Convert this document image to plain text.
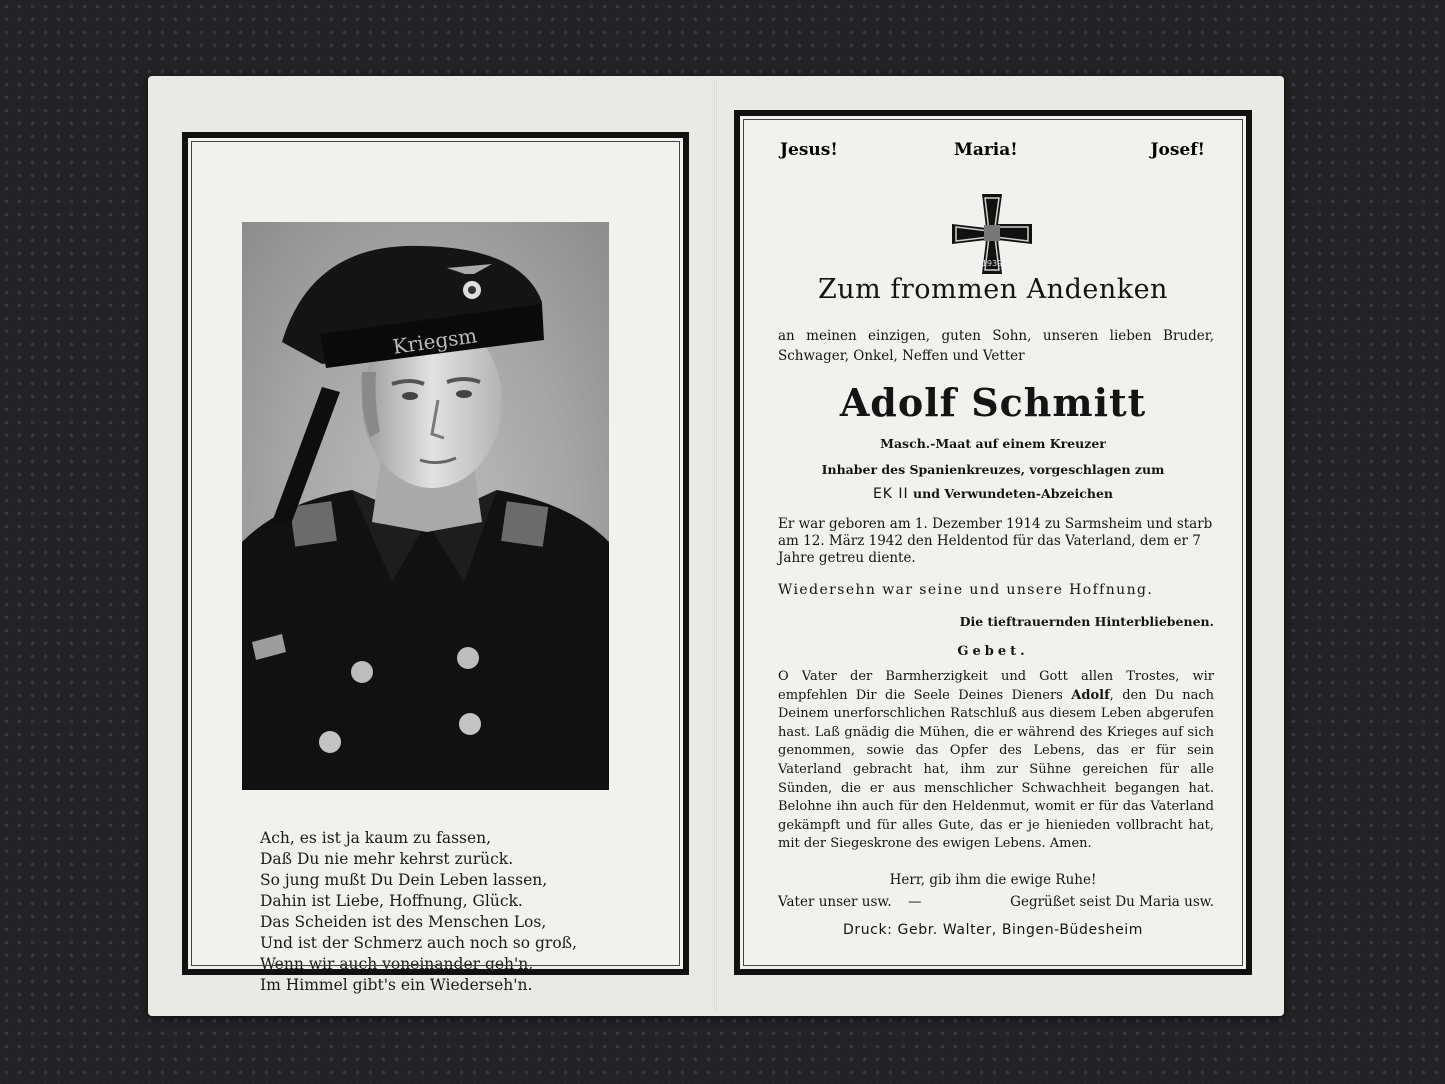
Kriegsm
Ach, es ist ja kaum zu fassen,
Daß Du nie mehr kehrst zurück.
So jung mußt Du Dein Leben lassen,
Dahin ist Liebe, Hoffnung, Glück.
Das Scheiden ist des Menschen Los,
Und ist der Schmerz auch noch so groß,
Wenn wir auch voneinander geh'n,
Im Himmel gibt's ein Wiederseh'n.
Jesus!	Maria!	Josef!
1939
Zum frommen Andenken
an meinen einzigen, guten Sohn, unseren lieben Bruder, Schwager, Onkel, Neffen und Vetter
Adolf Schmitt
Masch.-Maat auf einem Kreuzer
Inhaber des Spanienkreuzes, vorgeschlagen zum
EK II und Verwundeten-Abzeichen
Er war geboren am 1. Dezember 1914 zu Sarmsheim und starb am 12. März 1942 den Heldentod für das Vaterland, dem er 7 Jahre getreu diente.
Wiedersehn war seine und unsere Hoffnung.
Die tieftrauernden Hinterbliebenen.
Gebet.
O Vater der Barmherzigkeit und Gott allen Trostes, wir empfehlen Dir die Seele Deines Dieners Adolf, den Du nach Deinem unerforschlichen Ratschluß aus diesem Leben abgerufen hast. Laß gnädig die Mühen, die er während des Krieges auf sich genommen, sowie das Opfer des Lebens, das er für sein Vaterland gebracht hat, ihm zur Sühne gereichen für alle Sünden, die er aus menschlicher Schwachheit begangen hat. Belohne ihn auch für den Heldenmut, womit er für das Vaterland gekämpft und für alles Gute, das er je hienieden vollbracht hat, mit der Siegeskrone des ewigen Lebens. Amen.
Herr, gib ihm die ewige Ruhe!
Vater unser usw. —	Gegrüßet seist Du Maria usw.
Druck: Gebr. Walter, Bingen-Büdesheim
